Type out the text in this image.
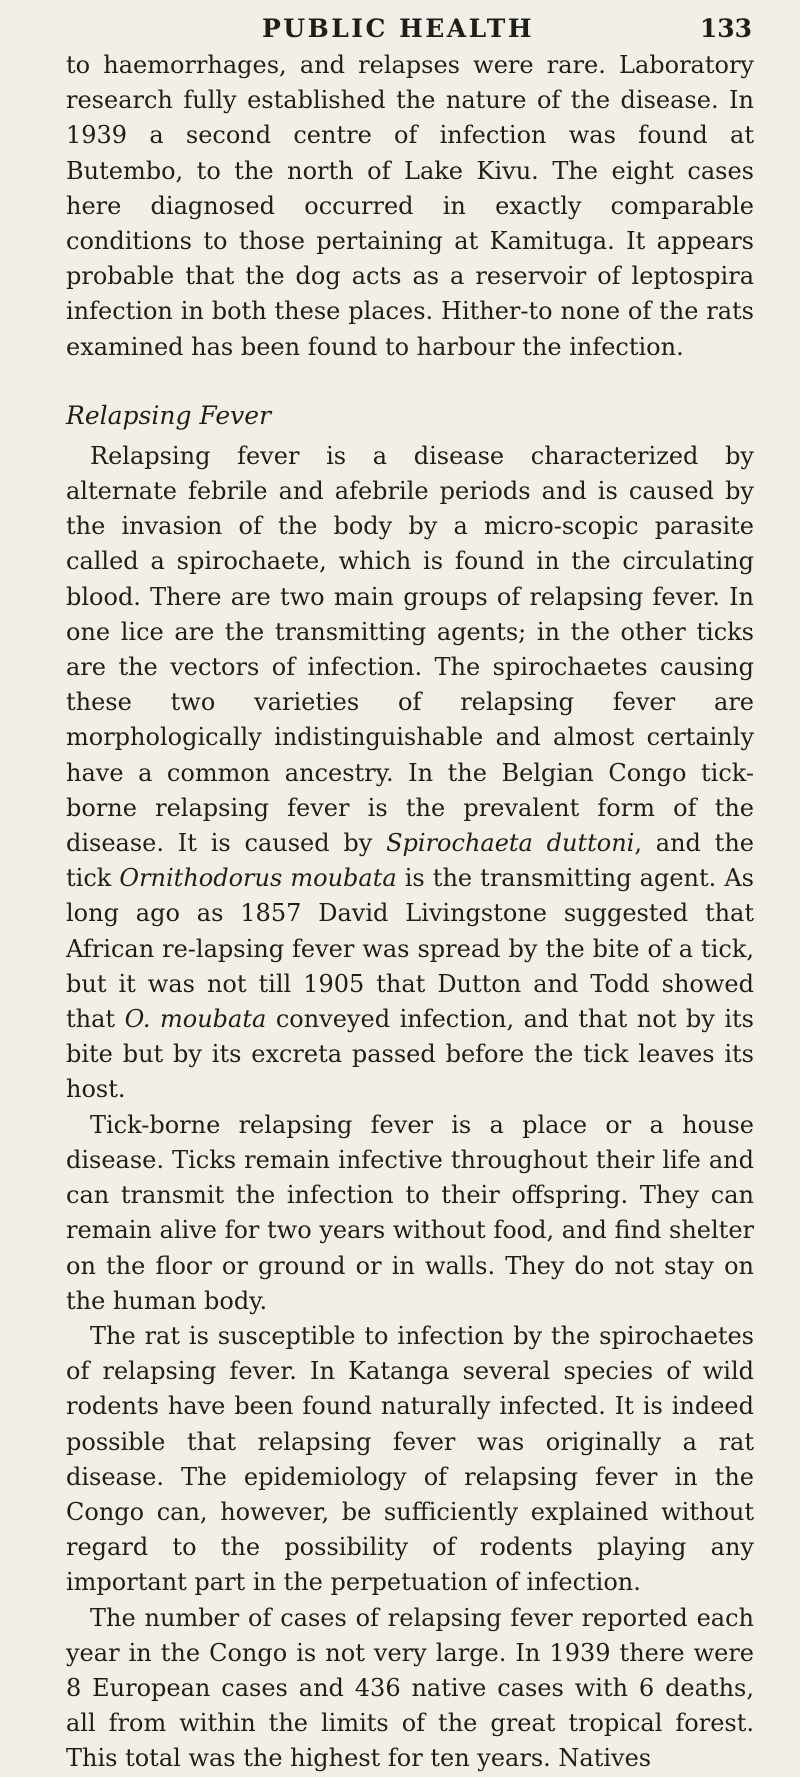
PUBLIC HEALTH	133

to haemorrhages, and relapses were rare. Laboratory research fully established the nature of the disease. In 1939 a second centre of infection was found at Butembo, to the north of Lake Kivu. The eight cases here diagnosed occurred in exactly comparable conditions to those pertaining at Kamituga. It appears probable that the dog acts as a reservoir of leptospira infection in both these places. Hither-to none of the rats examined has been found to harbour the infection.

Relapsing Fever

Relapsing fever is a disease characterized by alternate febrile and afebrile periods and is caused by the invasion of the body by a micro-scopic parasite called a spirochaete, which is found in the circulating blood. There are two main groups of relapsing fever. In one lice are the transmitting agents; in the other ticks are the vectors of infection. The spirochaetes causing these two varieties of relapsing fever are morphologically indistinguishable and almost certainly have a common ancestry. In the Belgian Congo tick-borne relapsing fever is the prevalent form of the disease. It is caused by Spirochaeta duttoni, and the tick Ornithodorus moubata is the transmitting agent. As long ago as 1857 David Livingstone suggested that African re-lapsing fever was spread by the bite of a tick, but it was not till 1905 that Dutton and Todd showed that O. moubata conveyed infection, and that not by its bite but by its excreta passed before the tick leaves its host.

Tick-borne relapsing fever is a place or a house disease. Ticks remain infective throughout their life and can transmit the infection to their offspring. They can remain alive for two years without food, and find shelter on the floor or ground or in walls. They do not stay on the human body.

The rat is susceptible to infection by the spirochaetes of relapsing fever. In Katanga several species of wild rodents have been found naturally infected. It is indeed possible that relapsing fever was originally a rat disease. The epidemiology of relapsing fever in the Congo can, however, be sufficiently explained without regard to the possibility of rodents playing any important part in the perpetuation of infection.

The number of cases of relapsing fever reported each year in the Congo is not very large. In 1939 there were 8 European cases and 436 native cases with 6 deaths, all from within the limits of the great tropical forest. This total was the highest for ten years. Natives
